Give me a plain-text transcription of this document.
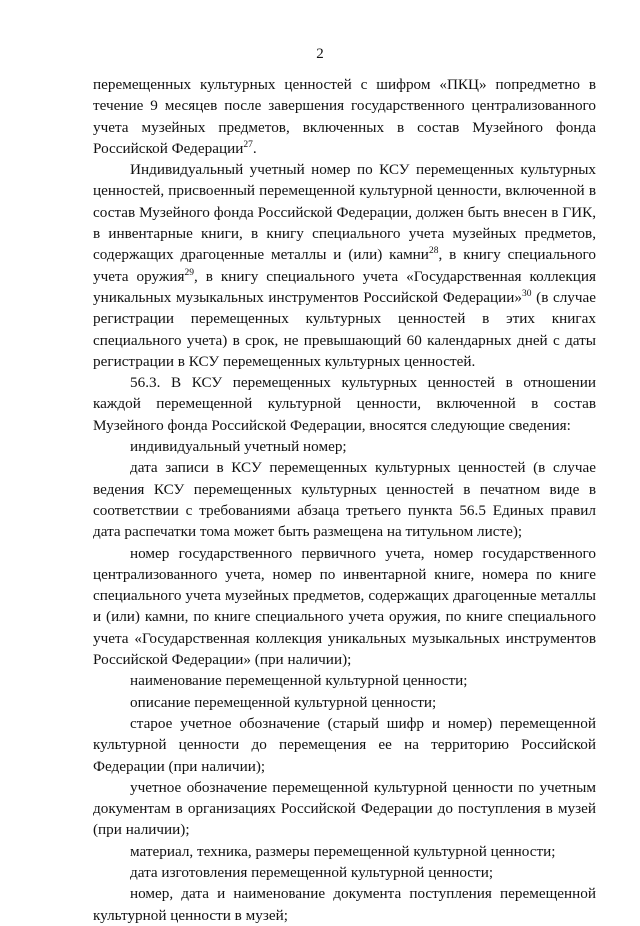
2

перемещенных культурных ценностей с шифром «ПКЦ» попредметно в течение 9 месяцев после завершения государственного централизованного учета музейных предметов, включенных в состав Музейного фонда Российской Федерации$^{27}$.

Индивидуальный учетный номер по КСУ перемещенных культурных ценностей, присвоенный перемещенной культурной ценности, включенной в состав Музейного фонда Российской Федерации, должен быть внесен в ГИК, в инвентарные книги, в книгу специального учета музейных предметов, содержащих драгоценные металлы и (или) камни$^{28}$, в книгу специального учета оружия$^{29}$, в книгу специального учета «Государственная коллекция уникальных музыкальных инструментов Российской Федерации»$^{30}$ (в случае регистрации перемещенных культурных ценностей в этих книгах специального учета) в срок, не превышающий 60 календарных дней с даты регистрации в КСУ перемещенных культурных ценностей.

56.3. В КСУ перемещенных культурных ценностей в отношении каждой перемещенной культурной ценности, включенной в состав Музейного фонда Российской Федерации, вносятся следующие сведения:

индивидуальный учетный номер;

дата записи в КСУ перемещенных культурных ценностей (в случае ведения КСУ перемещенных культурных ценностей в печатном виде в соответствии с требованиями абзаца третьего пункта 56.5 Единых правил дата распечатки тома может быть размещена на титульном листе);

номер государственного первичного учета, номер государственного централизованного учета, номер по инвентарной книге, номера по книге специального учета музейных предметов, содержащих драгоценные металлы и (или) камни, по книге специального учета оружия, по книге специального учета «Государственная коллекция уникальных музыкальных инструментов Российской Федерации» (при наличии);

наименование перемещенной культурной ценности;

описание перемещенной культурной ценности;

старое учетное обозначение (старый шифр и номер) перемещенной культурной ценности до перемещения ее на территорию Российской Федерации (при наличии);

учетное обозначение перемещенной культурной ценности по учетным документам в организациях Российской Федерации до поступления в музей (при наличии);

материал, техника, размеры перемещенной культурной ценности;

дата изготовления перемещенной культурной ценности;

номер, дата и наименование документа поступления перемещенной культурной ценности в музей;
